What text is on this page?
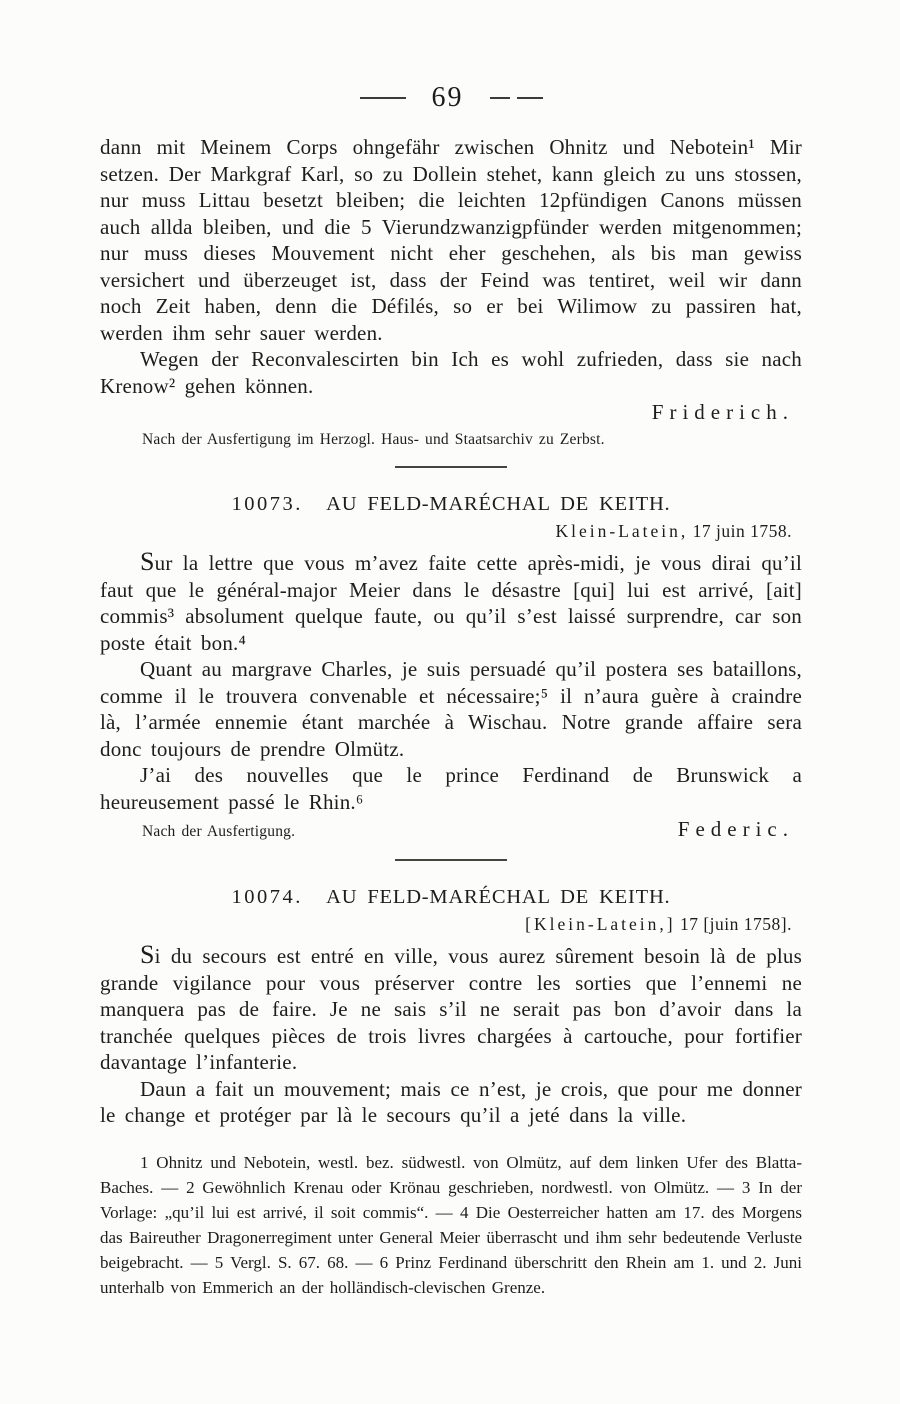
69

dann mit Meinem Corps ohngefähr zwischen Ohnitz und Nebotein¹ Mir setzen. Der Markgraf Karl, so zu Dollein stehet, kann gleich zu uns stossen, nur muss Littau besetzt bleiben; die leichten 12pfündigen Canons müssen auch allda bleiben, und die 5 Vierundzwanzigpfünder werden mitgenommen; nur muss dieses Mouvement nicht eher geschehen, als bis man gewiss versichert und überzeuget ist, dass der Feind was tentiret, weil wir dann noch Zeit haben, denn die Défilés, so er bei Wilimow zu passiren hat, werden ihm sehr sauer werden.

Wegen der Reconvalescirten bin Ich es wohl zufrieden, dass sie nach Krenow² gehen können.

Friderich.

Nach der Ausfertigung im Herzogl. Haus- und Staatsarchiv zu Zerbst.

10073. AU FELD-MARÉCHAL DE KEITH.

Klein-Latein, 17 juin 1758.

Sur la lettre que vous m’avez faite cette après-midi, je vous dirai qu’il faut que le général-major Meier dans le désastre [qui] lui est arrivé, [ait] commis³ absolument quelque faute, ou qu’il s’est laissé surprendre, car son poste était bon.⁴

Quant au margrave Charles, je suis persuadé qu’il postera ses bataillons, comme il le trouvera convenable et nécessaire;⁵ il n’aura guère à craindre là, l’armée ennemie étant marchée à Wischau. Notre grande affaire sera donc toujours de prendre Olmütz.

J’ai des nouvelles que le prince Ferdinand de Brunswick a heureusement passé le Rhin.⁶

Nach der Ausfertigung.	Federic.

10074. AU FELD-MARÉCHAL DE KEITH.

[Klein-Latein,] 17 [juin 1758].

Si du secours est entré en ville, vous aurez sûrement besoin là de plus grande vigilance pour vous préserver contre les sorties que l’ennemi ne manquera pas de faire. Je ne sais s’il ne serait pas bon d’avoir dans la tranchée quelques pièces de trois livres chargées à cartouche, pour fortifier davantage l’infanterie.

Daun a fait un mouvement; mais ce n’est, je crois, que pour me donner le change et protéger par là le secours qu’il a jeté dans la ville.

1 Ohnitz und Nebotein, westl. bez. südwestl. von Olmütz, auf dem linken Ufer des Blatta-Baches. — 2 Gewöhnlich Krenau oder Krönau geschrieben, nordwestl. von Olmütz. — 3 In der Vorlage: „qu’il lui est arrivé, il soit commis“. — 4 Die Oesterreicher hatten am 17. des Morgens das Baireuther Dragonerregiment unter General Meier überrascht und ihm sehr bedeutende Verluste beigebracht. — 5 Vergl. S. 67. 68. — 6 Prinz Ferdinand überschritt den Rhein am 1. und 2. Juni unterhalb von Emmerich an der holländisch-clevischen Grenze.
